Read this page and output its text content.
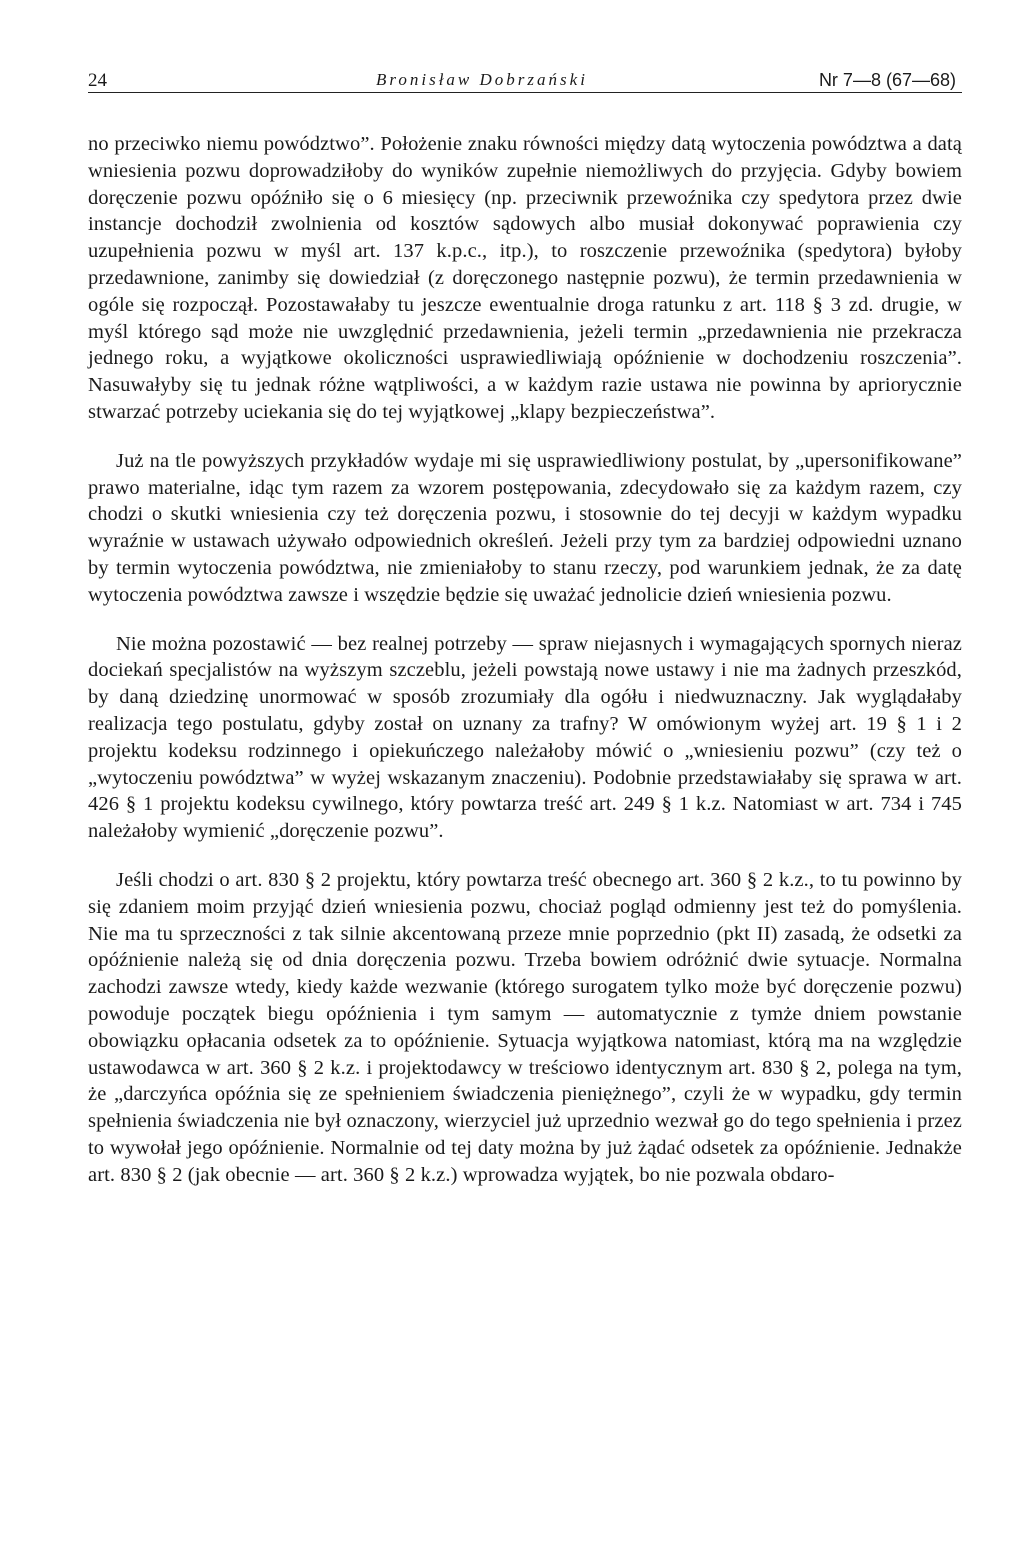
24	Bronisław Dobrzański	Nr 7—8 (67—68)

no przeciwko niemu powództwo”. Położenie znaku równości między datą wytoczenia powództwa a datą wniesienia pozwu doprowadziłoby do wyników zupełnie niemożliwych do przyjęcia. Gdyby bowiem doręczenie pozwu opóźniło się o 6 miesięcy (np. przeciwnik przewoźnika czy spedytora przez dwie instancje dochodził zwolnienia od kosztów sądowych albo musiał dokonywać poprawienia czy uzupełnienia pozwu w myśl art. 137 k.p.c., itp.), to roszczenie przewoźnika (spedytora) byłoby przedawnione, zanimby się dowiedział (z doręczonego następnie pozwu), że termin przedawnienia w ogóle się rozpoczął. Pozostawałaby tu jeszcze ewentualnie droga ratunku z art. 118 § 3 zd. drugie, w myśl którego sąd może nie uwzględnić przedawnienia, jeżeli termin „przedawnienia nie przekracza jednego roku, a wyjątkowe okoliczności usprawiedliwiają opóźnienie w dochodzeniu roszczenia”. Nasuwałyby się tu jednak różne wątpliwości, a w każdym razie ustawa nie powinna by apriorycznie stwarzać potrzeby uciekania się do tej wyjątkowej „klapy bezpieczeństwa”.

Już na tle powyższych przykładów wydaje mi się usprawiedliwiony postulat, by „upersonifikowane” prawo materialne, idąc tym razem za wzorem postępowania, zdecydowało się za każdym razem, czy chodzi o skutki wniesienia czy też doręczenia pozwu, i stosownie do tej decyji w każdym wypadku wyraźnie w ustawach używało odpowiednich określeń. Jeżeli przy tym za bardziej odpowiedni uznano by termin wytoczenia powództwa, nie zmieniałoby to stanu rzeczy, pod warunkiem jednak, że za datę wytoczenia powództwa zawsze i wszędzie będzie się uważać jednolicie dzień wniesienia pozwu.

Nie można pozostawić — bez realnej potrzeby — spraw niejasnych i wymagających spornych nieraz dociekań specjalistów na wyższym szczeblu, jeżeli powstają nowe ustawy i nie ma żadnych przeszkód, by daną dziedzinę unormować w sposób zrozumiały dla ogółu i niedwuznaczny. Jak wyglądałaby realizacja tego postulatu, gdyby został on uznany za trafny? W omówionym wyżej art. 19 § 1 i 2 projektu kodeksu rodzinnego i opiekuńczego należałoby mówić o „wniesieniu pozwu” (czy też o „wytoczeniu powództwa” w wyżej wskazanym znaczeniu). Podobnie przedstawiałaby się sprawa w art. 426 § 1 projektu kodeksu cywilnego, który powtarza treść art. 249 § 1 k.z. Natomiast w art. 734 i 745 należałoby wymienić „doręczenie pozwu”.

Jeśli chodzi o art. 830 § 2 projektu, który powtarza treść obecnego art. 360 § 2 k.z., to tu powinno by się zdaniem moim przyjąć dzień wniesienia pozwu, chociaż pogląd odmienny jest też do pomyślenia. Nie ma tu sprzeczności z tak silnie akcentowaną przeze mnie poprzednio (pkt II) zasadą, że odsetki za opóźnienie należą się od dnia doręczenia pozwu. Trzeba bowiem odróżnić dwie sytuacje. Normalna zachodzi zawsze wtedy, kiedy każde wezwanie (którego surogatem tylko może być doręczenie pozwu) powoduje początek biegu opóźnienia i tym samym — automatycznie z tymże dniem powstanie obowiązku opłacania odsetek za to opóźnienie. Sytuacja wyjątkowa natomiast, którą ma na względzie ustawodawca w art. 360 § 2 k.z. i projektodawcy w treściowo identycznym art. 830 § 2, polega na tym, że „darczyńca opóźnia się ze spełnieniem świadczenia pieniężnego”, czyli że w wypadku, gdy termin spełnienia świadczenia nie był oznaczony, wierzyciel już uprzednio wezwał go do tego spełnienia i przez to wywołał jego opóźnienie. Normalnie od tej daty można by już żądać odsetek za opóźnienie. Jednakże art. 830 § 2 (jak obecnie — art. 360 § 2 k.z.) wprowadza wyjątek, bo nie pozwala obdaro-
